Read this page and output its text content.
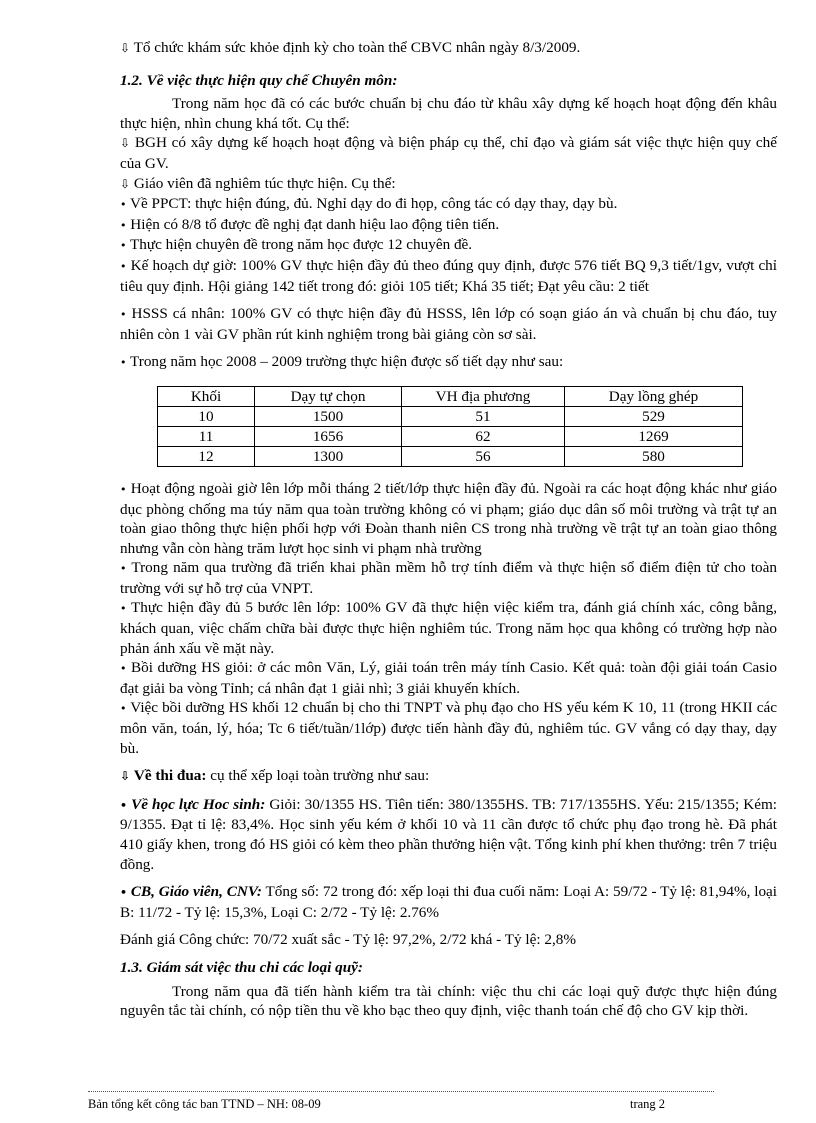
⇩ Tổ chức khám sức khỏe định kỳ cho toàn thể CBVC nhân ngày 8/3/2009.

1.2. Về việc thực hiện quy chế Chuyên môn:

Trong năm học đã có các bước chuẩn bị chu đáo từ khâu xây dựng kế hoạch hoạt động đến khâu thực hiện, nhìn chung khá tốt. Cụ thể:

⇩ BGH có xây dựng kế hoạch hoạt động và biện pháp cụ thể, chỉ đạo và giám sát việc thực hiện quy chế của GV.

⇩ Giáo viên đã nghiêm túc thực hiện. Cụ thể:

• Về PPCT: thực hiện đúng, đủ. Nghỉ dạy do đi họp, công tác có dạy thay, dạy bù.

• Hiện có 8/8 tổ được đề nghị đạt danh hiệu lao động tiên tiến.

• Thực hiện chuyên đề trong năm học được 12 chuyên đề.

• Kế hoạch dự giờ: 100% GV thực hiện đầy đủ theo đúng quy định, được 576 tiết BQ 9,3 tiết/1gv, vượt chỉ tiêu quy định. Hội giảng 142 tiết trong đó: giỏi 105 tiết; Khá 35 tiết; Đạt yêu cầu: 2 tiết

• HSSS cá nhân: 100% GV có thực hiện đầy đủ HSSS, lên lớp có soạn giáo án và chuẩn bị chu đáo, tuy nhiên còn 1 vài GV phần rút kinh nghiệm trong bài giảng còn sơ sài.

• Trong năm học 2008 – 2009 trường thực hiện được số tiết dạy như sau:

Khối	Dạy tự chọn	VH địa phương	Dạy lồng ghép
10	1500	51	529
11	1656	62	1269
12	1300	56	580

• Hoạt động ngoài giờ lên lớp mỗi tháng 2 tiết/lớp thực hiện đầy đủ. Ngoài ra các hoạt động khác như giáo dục phòng chống ma túy năm qua toàn trường không có vi phạm; giáo dục dân số môi trường và trật tự an toàn giao thông thực hiện phối hợp với Đoàn thanh niên CS trong nhà trường về trật tự an toàn giao thông nhưng vẫn còn hàng trăm lượt học sinh vi phạm nhà trường

• Trong năm qua trường đã triển khai phần mềm hỗ trợ tính điểm và thực hiện sổ điểm điện tử cho toàn trường với sự hỗ trợ của VNPT.

• Thực hiện đầy đủ 5 bước lên lớp: 100% GV đã thực hiện việc kiểm tra, đánh giá chính xác, công bằng, khách quan, việc chấm chữa bài được thực hiện nghiêm túc. Trong năm học qua không có trường hợp nào phản ánh xấu về mặt này.

• Bồi dưỡng HS giỏi: ở các môn Văn, Lý, giải toán trên máy tính Casio. Kết quả: toàn đội giải toán Casio đạt giải ba vòng Tỉnh; cá nhân đạt 1 giải nhì; 3 giải khuyến khích.

• Việc bồi dưỡng HS khối 12 chuẩn bị cho thi TNPT và phụ đạo cho HS yếu kém K 10, 11 (trong HKII các môn văn, toán, lý, hóa; Tc 6 tiết/tuần/1lớp) được tiến hành đầy đủ, nghiêm túc. GV vắng có dạy thay, dạy bù.

⇩ Về thi đua: cụ thể xếp loại toàn trường như sau:

• Về học lực Hoc sinh: Giỏi: 30/1355 HS. Tiên tiến: 380/1355HS. TB: 717/1355HS. Yếu: 215/1355; Kém: 9/1355. Đạt tỉ lệ: 83,4%. Học sinh yếu kém ở khối 10 và 11 cần được tổ chức phụ đạo trong hè. Đã phát 410 giấy khen, trong đó HS giỏi có kèm theo phần thưởng hiện vật. Tổng kinh phí khen thưởng: trên 7 triệu đồng.

• CB, Giáo viên, CNV: Tổng số: 72 trong đó: xếp loại thi đua cuối năm: Loại A: 59/72 - Tỷ lệ: 81,94%, loại B: 11/72 - Tỷ lệ: 15,3%, Loại C: 2/72 - Tỷ lệ: 2.76%

Đánh giá Công chức: 70/72 xuất sắc - Tỷ lệ: 97,2%, 2/72 khá - Tỷ lệ: 2,8%

1.3. Giám sát việc thu chi các loại quỹ:

Trong năm qua đã tiến hành kiểm tra tài chính: việc thu chi các loại quỹ được thực hiện đúng nguyên tắc tài chính, có nộp tiền thu về kho bạc theo quy định, việc thanh toán chế độ cho GV kịp thời.

Bản tổng kết công tác ban TTND – NH: 08-09	trang 2
